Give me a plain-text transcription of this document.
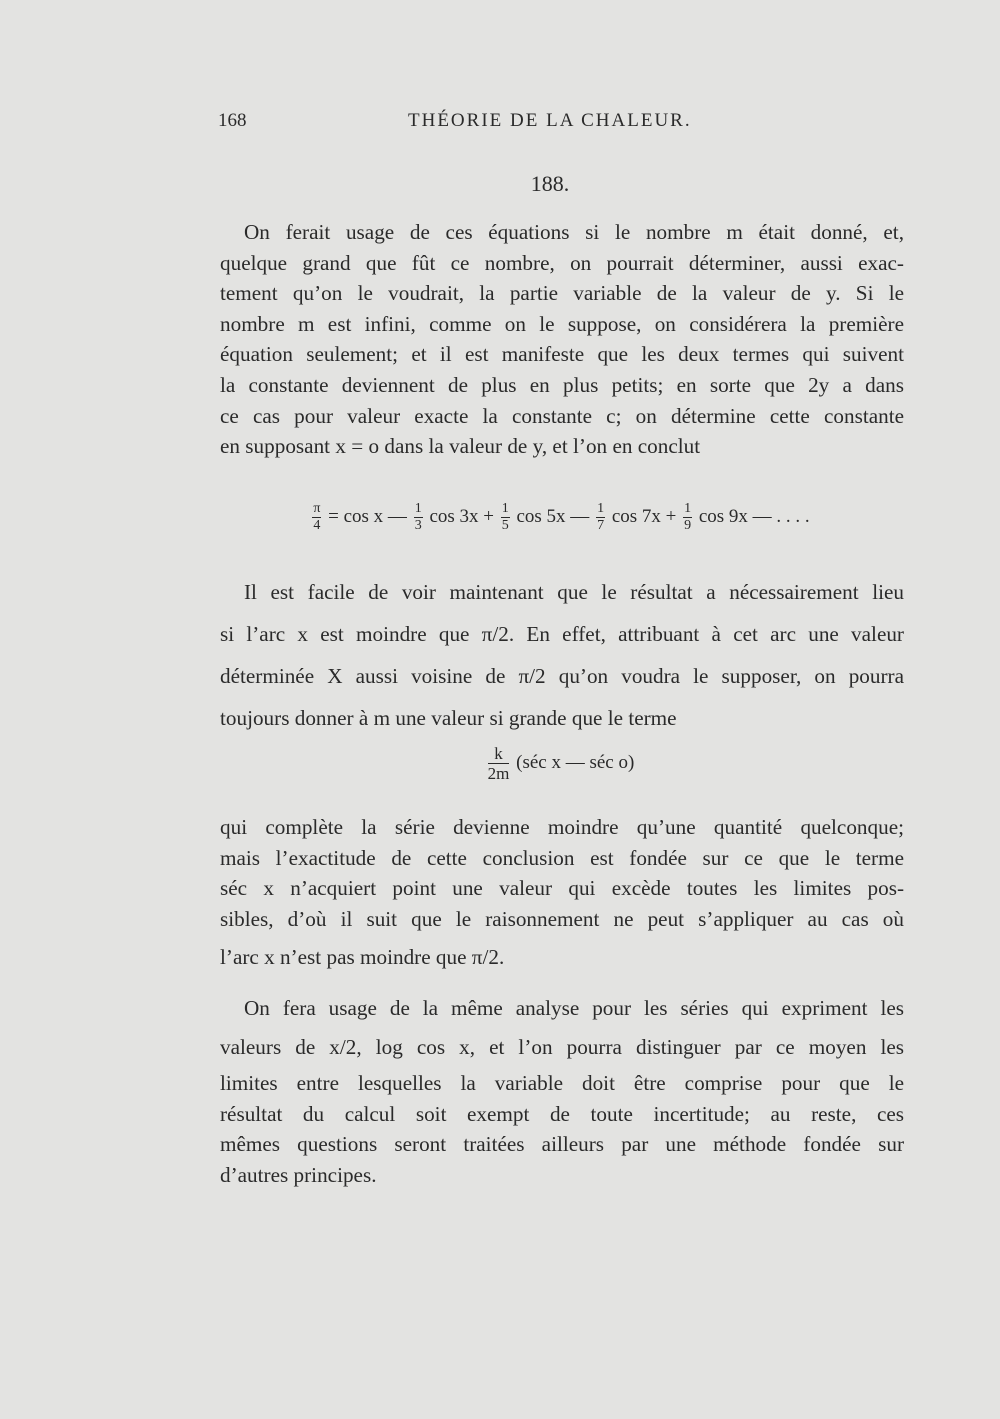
168	THÉORIE DE LA CHALEUR.
188.
On ferait usage de ces équations si le nombre m était donné, et,
quelque grand que fût ce nombre, on pourrait déterminer, aussi exac-
tement qu’on le voudrait, la partie variable de la valeur de y. Si le
nombre m est infini, comme on le suppose, on considérera la première
équation seulement; et il est manifeste que les deux termes qui suivent
la constante deviennent de plus en plus petits; en sorte que 2y a dans
ce cas pour valeur exacte la constante c; on détermine cette constante
en supposant x = o dans la valeur de y, et l’on en conclut
$\frac{\pi}{4} = \cos x$ — $\frac{1}{3}$ $\cos 3x + \frac{1}{5}$ cos 5x — $\frac{1}{7}$ $\cos 7x + \frac{1}{9}$ cos 9x — . . . .
Il est facile de voir maintenant que le résultat a nécessairement lieu
si l’arc x est moindre que π/2. En effet, attribuant à cet arc une valeur
déterminée X aussi voisine de π/2 qu’on voudra le supposer, on pourra
toujours donner à m une valeur si grande que le terme
$\frac{k}{2m}$ (séc x — séc o)
qui complète la série devienne moindre qu’une quantité quelconque;
mais l’exactitude de cette conclusion est fondée sur ce que le terme
séc x n’acquiert point une valeur qui excède toutes les limites pos-
sibles, d’où il suit que le raisonnement ne peut s’appliquer au cas où
l’arc x n’est pas moindre que π/2.
On fera usage de la même analyse pour les séries qui expriment les
valeurs de x/2, log cos x, et l’on pourra distinguer par ce moyen les
limites entre lesquelles la variable doit être comprise pour que le
résultat du calcul soit exempt de toute incertitude; au reste, ces
mêmes questions seront traitées ailleurs par une méthode fondée sur
d’autres principes.
